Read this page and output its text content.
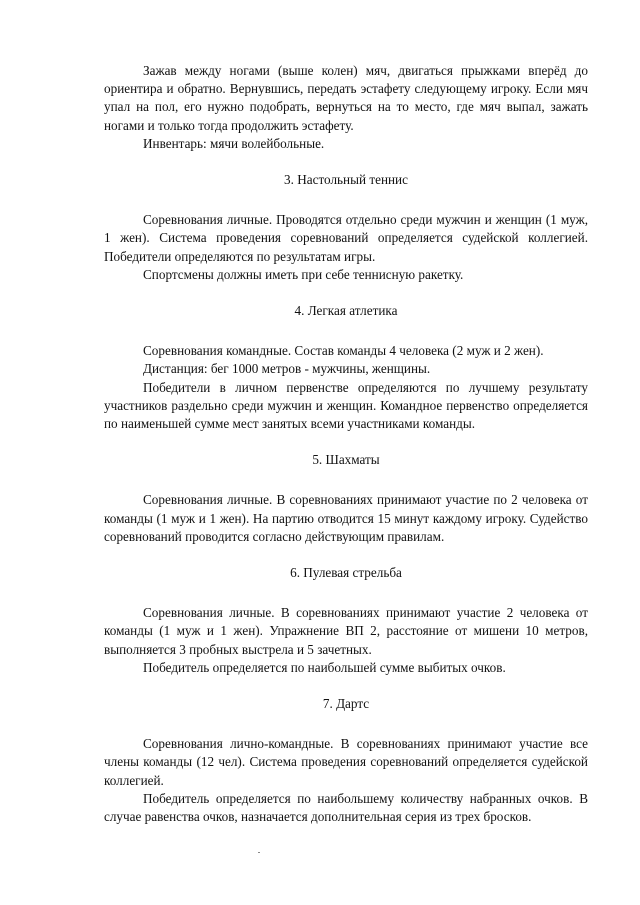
Зажав между ногами (выше колен) мяч, двигаться прыжками вперёд до ориентира и обратно. Вернувшись, передать эстафету следующему игроку. Если мяч упал на пол, его нужно подобрать, вернуться на то место, где мяч выпал, зажать ногами и только тогда продолжить эстафету.

Инвентарь: мячи волейбольные.

3. Настольный теннис

Соревнования личные. Проводятся отдельно среди мужчин и женщин (1 муж, 1 жен). Система проведения соревнований определяется судейской коллегией. Победители определяются по результатам игры.

Спортсмены должны иметь при себе теннисную ракетку.

4. Легкая атлетика

Соревнования командные. Состав команды 4 человека (2 муж и 2 жен).

Дистанция: бег 1000 метров - мужчины, женщины.

Победители в личном первенстве определяются по лучшему результату участников раздельно среди мужчин и женщин. Командное первенство определяется по наименьшей сумме мест занятых всеми участниками команды.

5. Шахматы

Соревнования личные. В соревнованиях принимают участие по 2 человека от команды (1 муж и 1 жен). На партию отводится 15 минут каждому игроку. Судейство соревнований проводится согласно действующим правилам.

6. Пулевая стрельба

Соревнования личные. В соревнованиях принимают участие 2 человека от команды (1 муж и 1 жен). Упражнение ВП 2, расстояние от мишени 10 метров, выполняется 3 пробных выстрела и 5 зачетных.

Победитель определяется по наибольшей сумме выбитых очков.

7. Дартс

Соревнования лично-командные. В соревнованиях принимают участие все члены команды (12 чел). Система проведения соревнований определяется судейской коллегией.

Победитель определяется по наибольшему количеству набранных очков. В случае равенства очков, назначается дополнительная серия из трех бросков.
